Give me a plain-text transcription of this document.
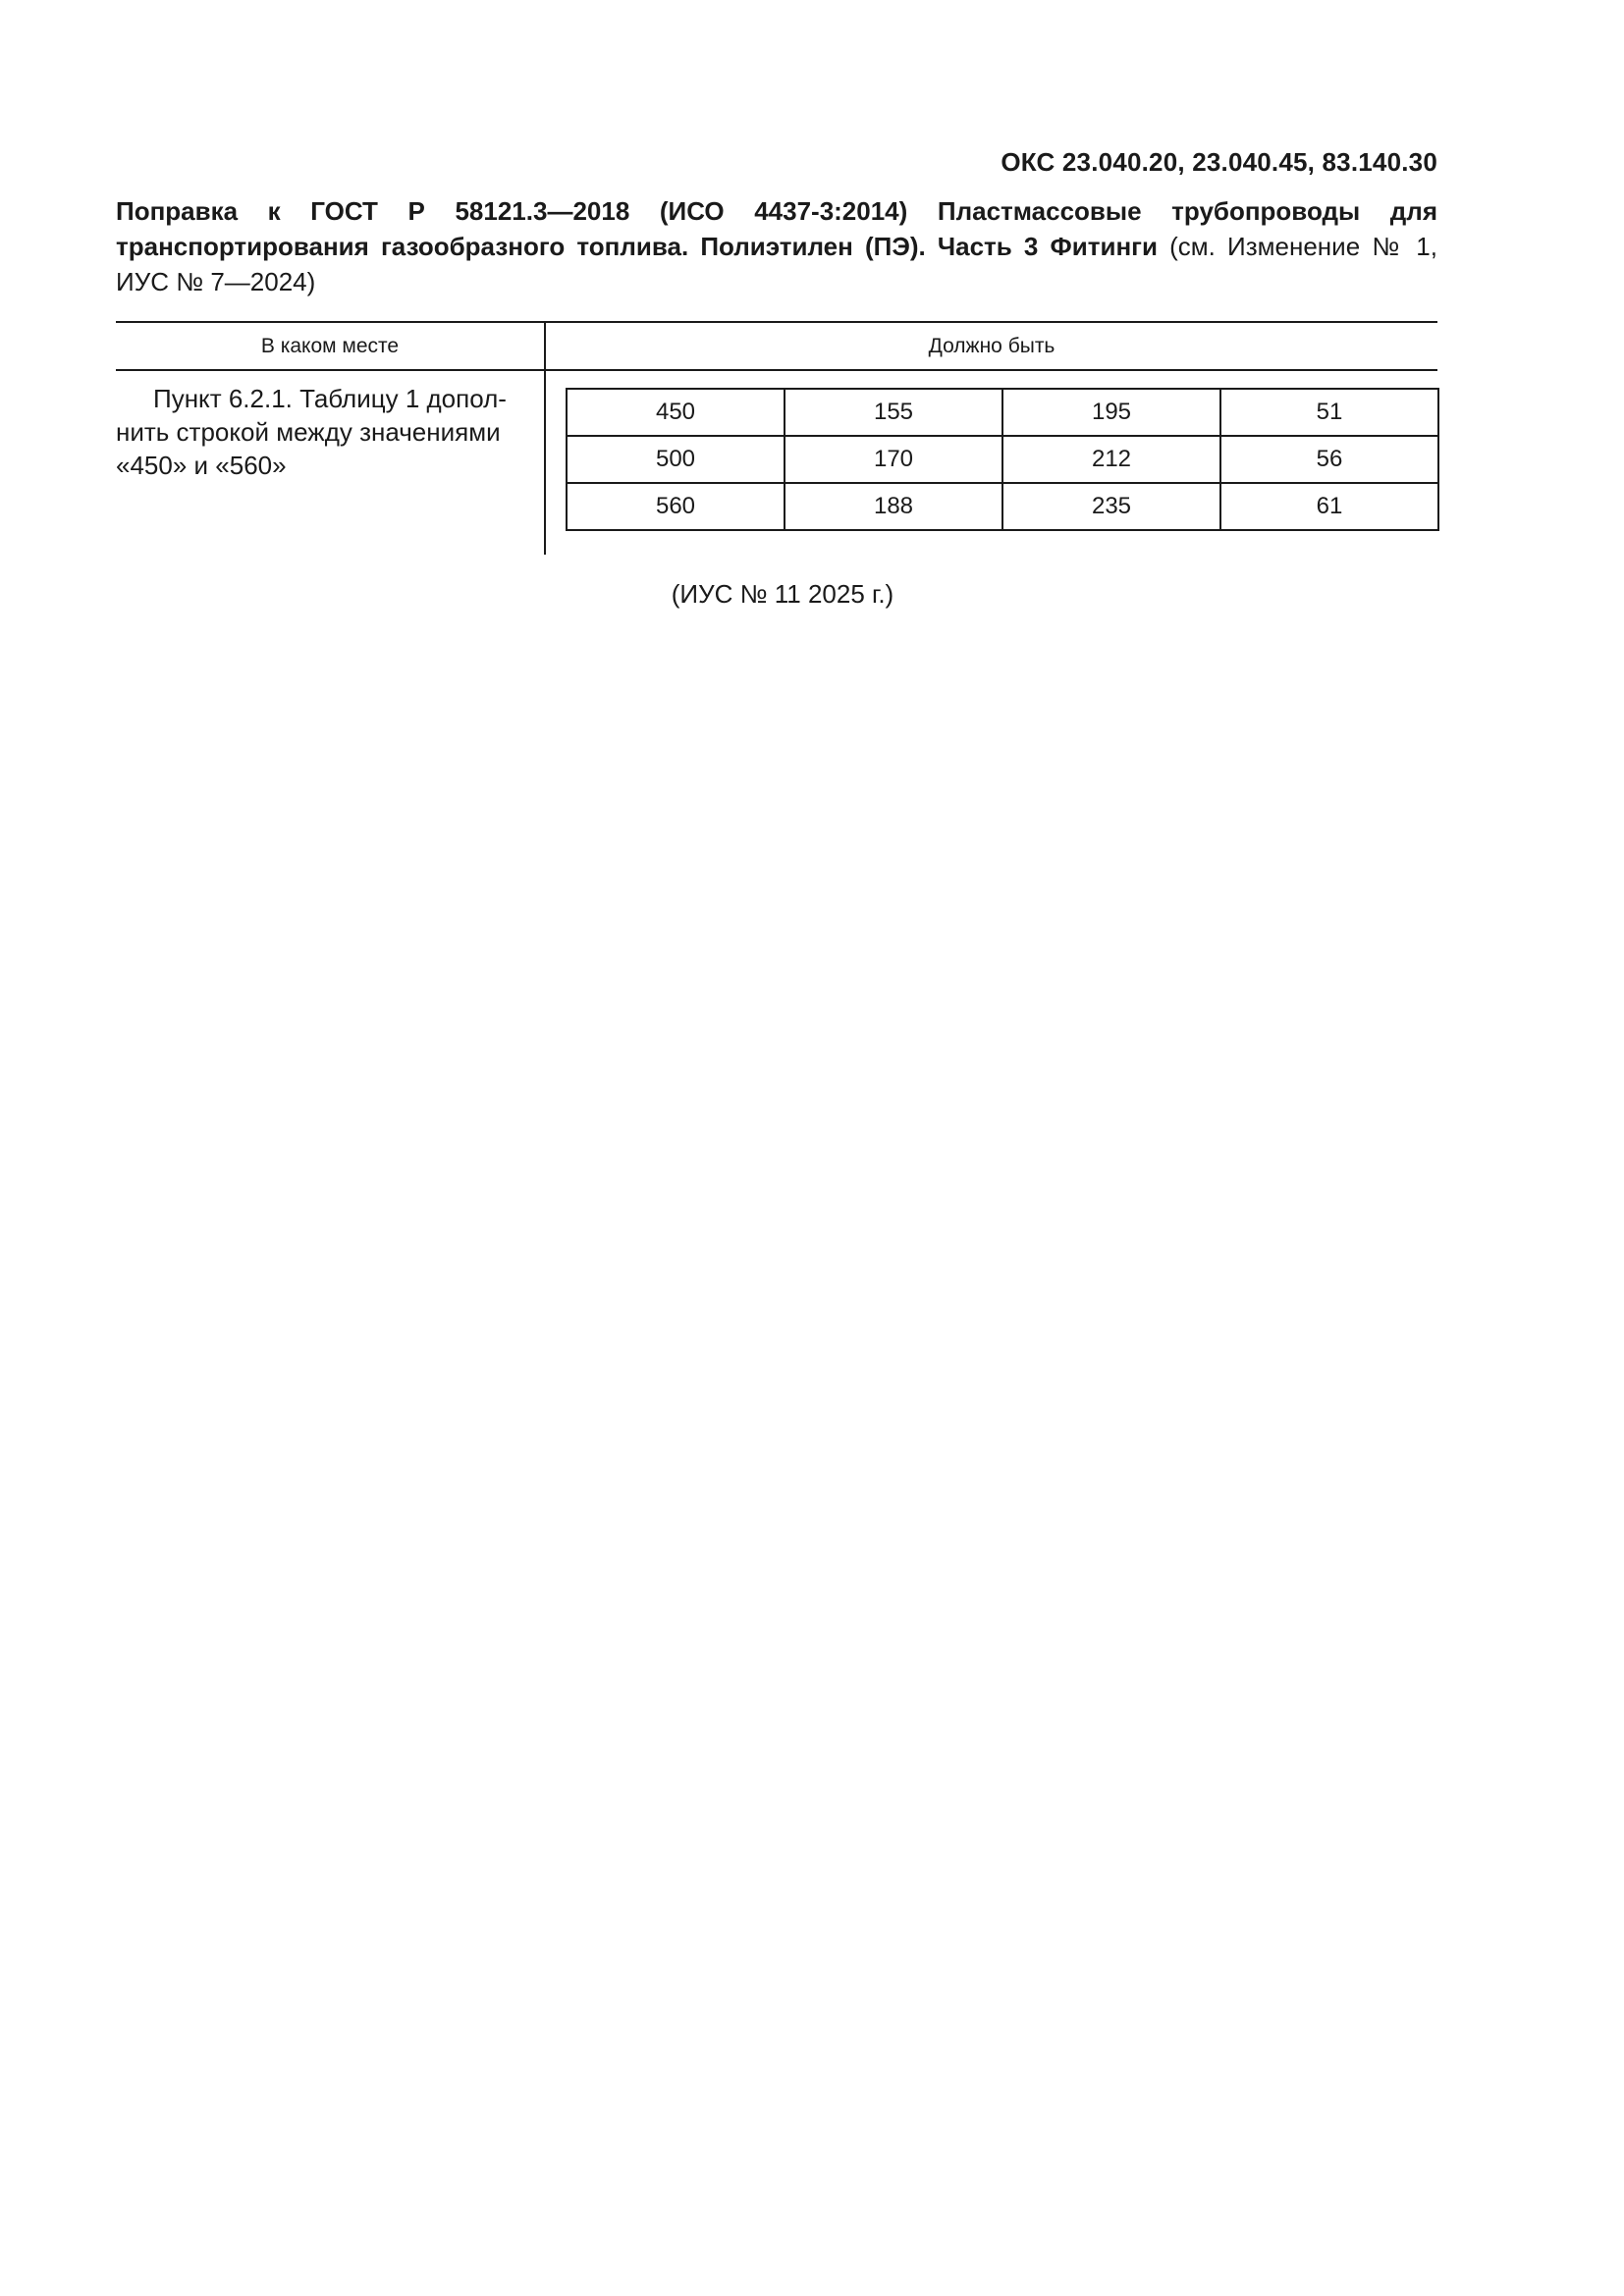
ОКС 23.040.20, 23.040.45, 83.140.30

Поправка к ГОСТ Р 58121.3—2018 (ИСО 4437-3:2014) Пластмассовые трубопроводы для транспортирования газообразного топлива. Полиэтилен (ПЭ). Часть 3 Фитинги (см. Изменение № 1, ИУС № 7—2024)

В каком месте	Должно быть

Пункт 6.2.1. Таблицу 1 допол-
нить строкой между значениями
«450» и «560»

450	155	195	51
500	170	212	56
560	188	235	61

(ИУС № 11 2025 г.)
